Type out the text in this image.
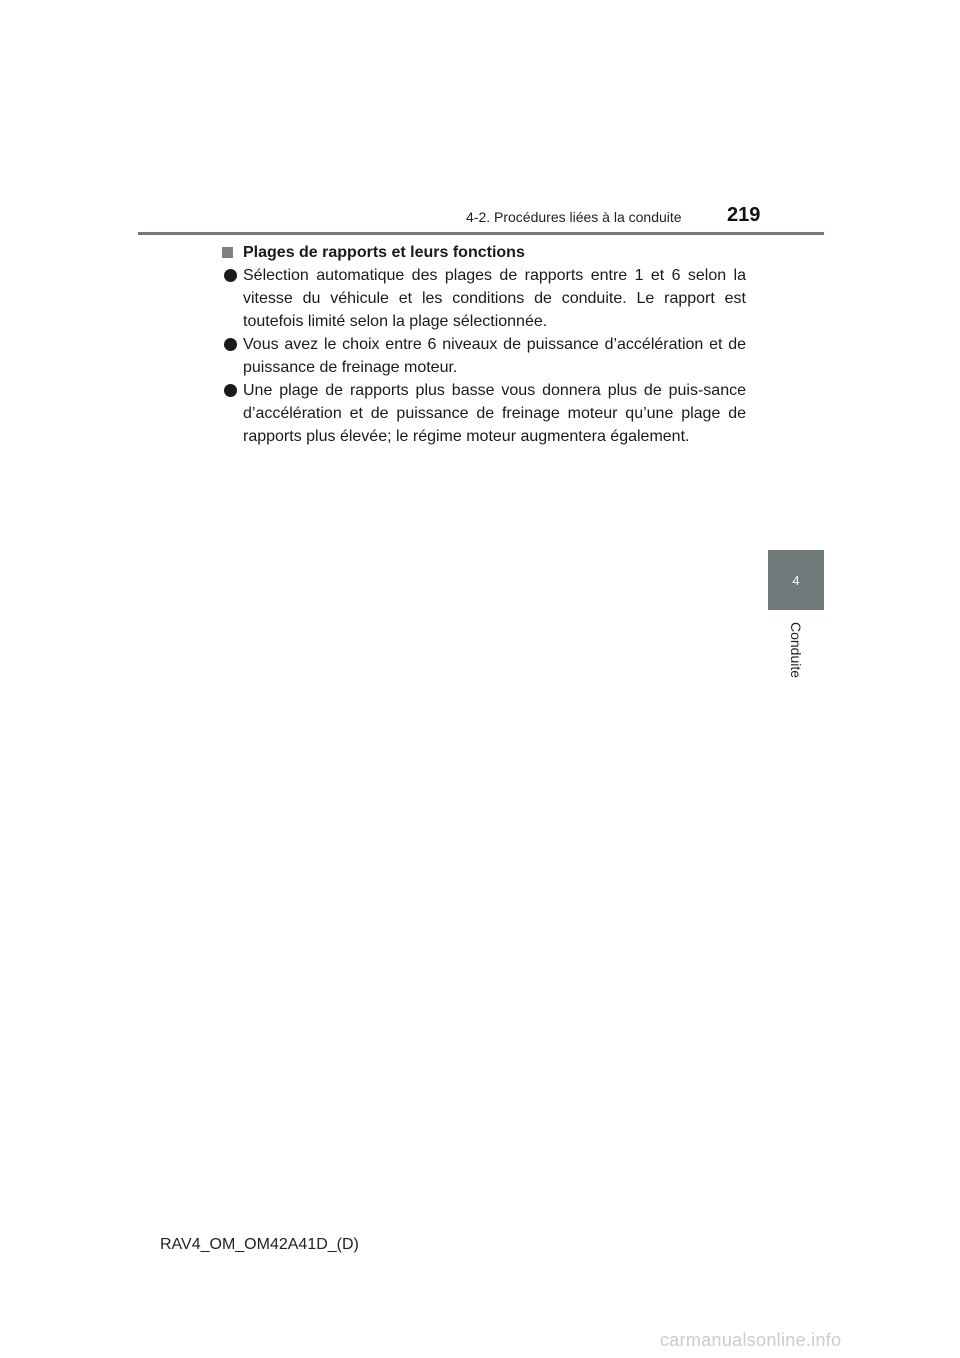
4-2. Procédures liées à la conduite 219
4
Conduite
Plages de rapports et leurs fonctions
Sélection automatique des plages de rapports entre 1 et 6 selon la vitesse du véhicule et les conditions de conduite. Le rapport est toutefois limité selon la plage sélectionnée.
Vous avez le choix entre 6 niveaux de puissance d’accélération et de puissance de freinage moteur.
Une plage de rapports plus basse vous donnera plus de puis-sance d’accélération et de puissance de freinage moteur qu’une plage de rapports plus élevée; le régime moteur augmentera également.
RAV4_OM_OM42A41D_(D)
carmanualsonline.info
